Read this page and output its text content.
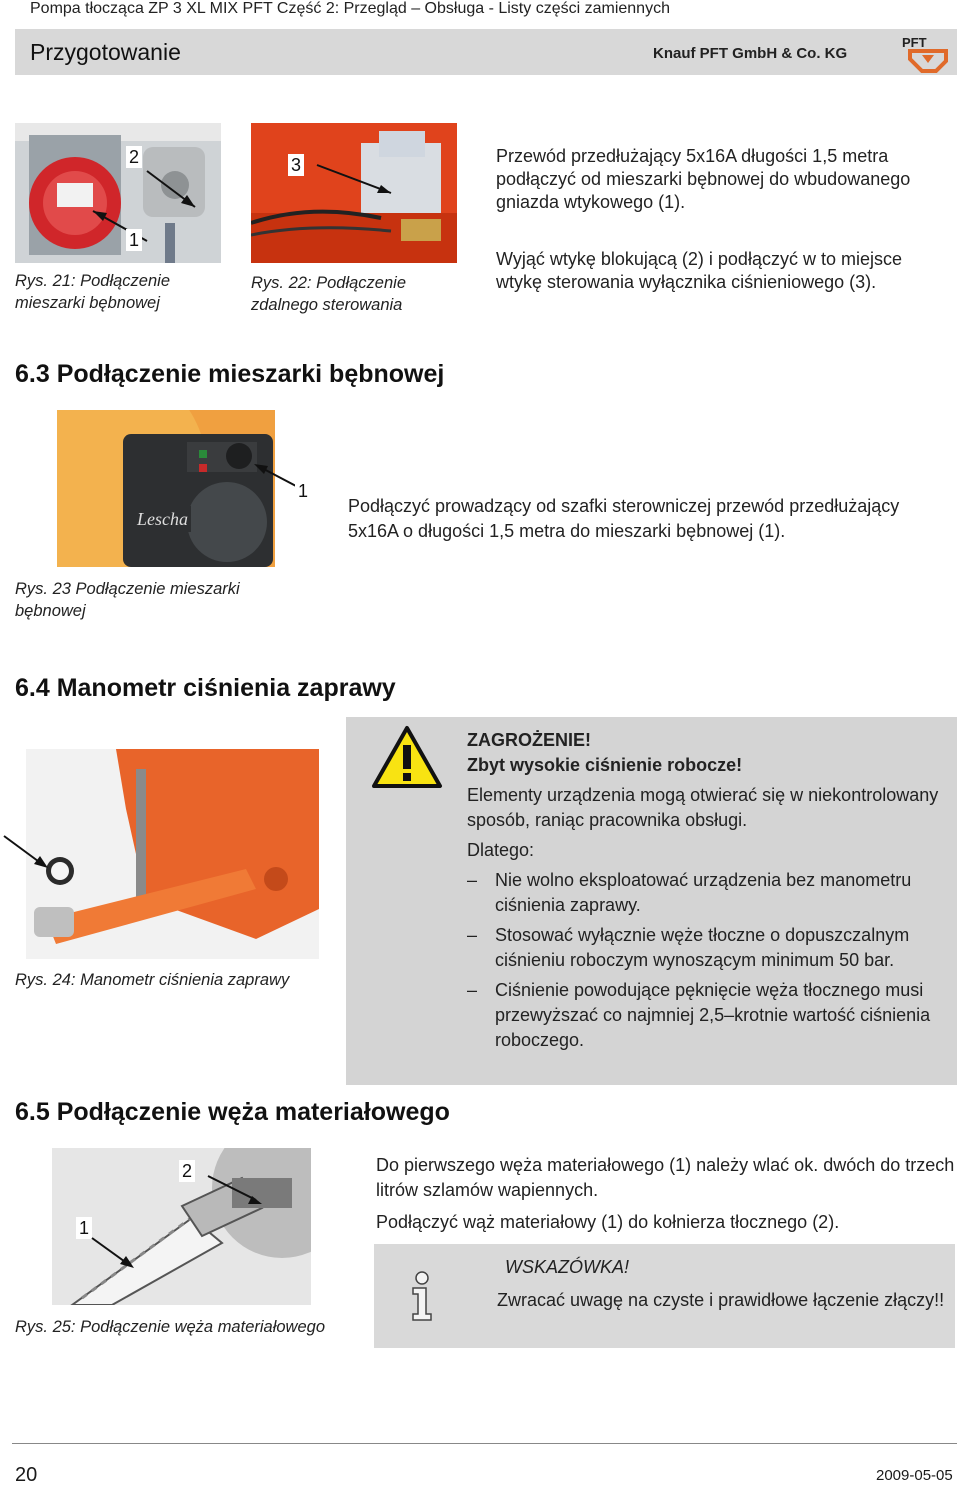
Pompa tłocząca ZP 3 XL MIX PFT Część 2: Przegląd – Obsługa - Listy części zamiennych
Przygotowanie	Knauf PFT GmbH & Co. KG
PFT
2
1
Rys. 21: Podłączenie mieszarki bębnowej
3
Rys. 22: Podłączenie zdalnego sterowania
Przewód przedłużający 5x16A długości 1,5 metra podłączyć od mieszarki bębnowej do wbudowanego gniazda wtykowego (1).
Wyjąć wtykę blokującą (2) i podłączyć w to miejsce wtykę sterowania wyłącznika ciśnieniowego (3).
6.3 Podłączenie mieszarki bębnowej
Lescha
1
Podłączyć prowadzący od szafki sterowniczej przewód przedłużający 5x16A o długości 1,5 metra do mieszarki bębnowej (1).
Rys. 23 Podłączenie mieszarki bębnowej
6.4 Manometr ciśnienia zaprawy
Rys. 24: Manometr ciśnienia zaprawy
ZAGROŻENIE!
Zbyt wysokie ciśnienie robocze!
Elementy urządzenia mogą otwierać się w niekontrolowany sposób, raniąc pracownika obsługi.
Dlatego:
– Nie wolno eksploatować urządzenia bez manometru ciśnienia zaprawy.
– Stosować wyłącznie węże tłoczne o dopuszczalnym ciśnieniu roboczym wynoszącym minimum 50 bar.
– Ciśnienie powodujące pęknięcie węża tłocznego musi przewyższać co najmniej 2,5–krotnie wartość ciśnienia roboczego.
6.5 Podłączenie węża materiałowego
2
1
Rys. 25: Podłączenie węża materiałowego
Do pierwszego węża materiałowego (1) należy wlać ok. dwóch do trzech litrów szlamów wapiennych.
Podłączyć wąż materiałowy (1) do kołnierza tłocznego (2).
WSKAZÓWKA!
Zwracać uwagę na czyste i prawidłowe łączenie złączy!!
20	2009-05-05
